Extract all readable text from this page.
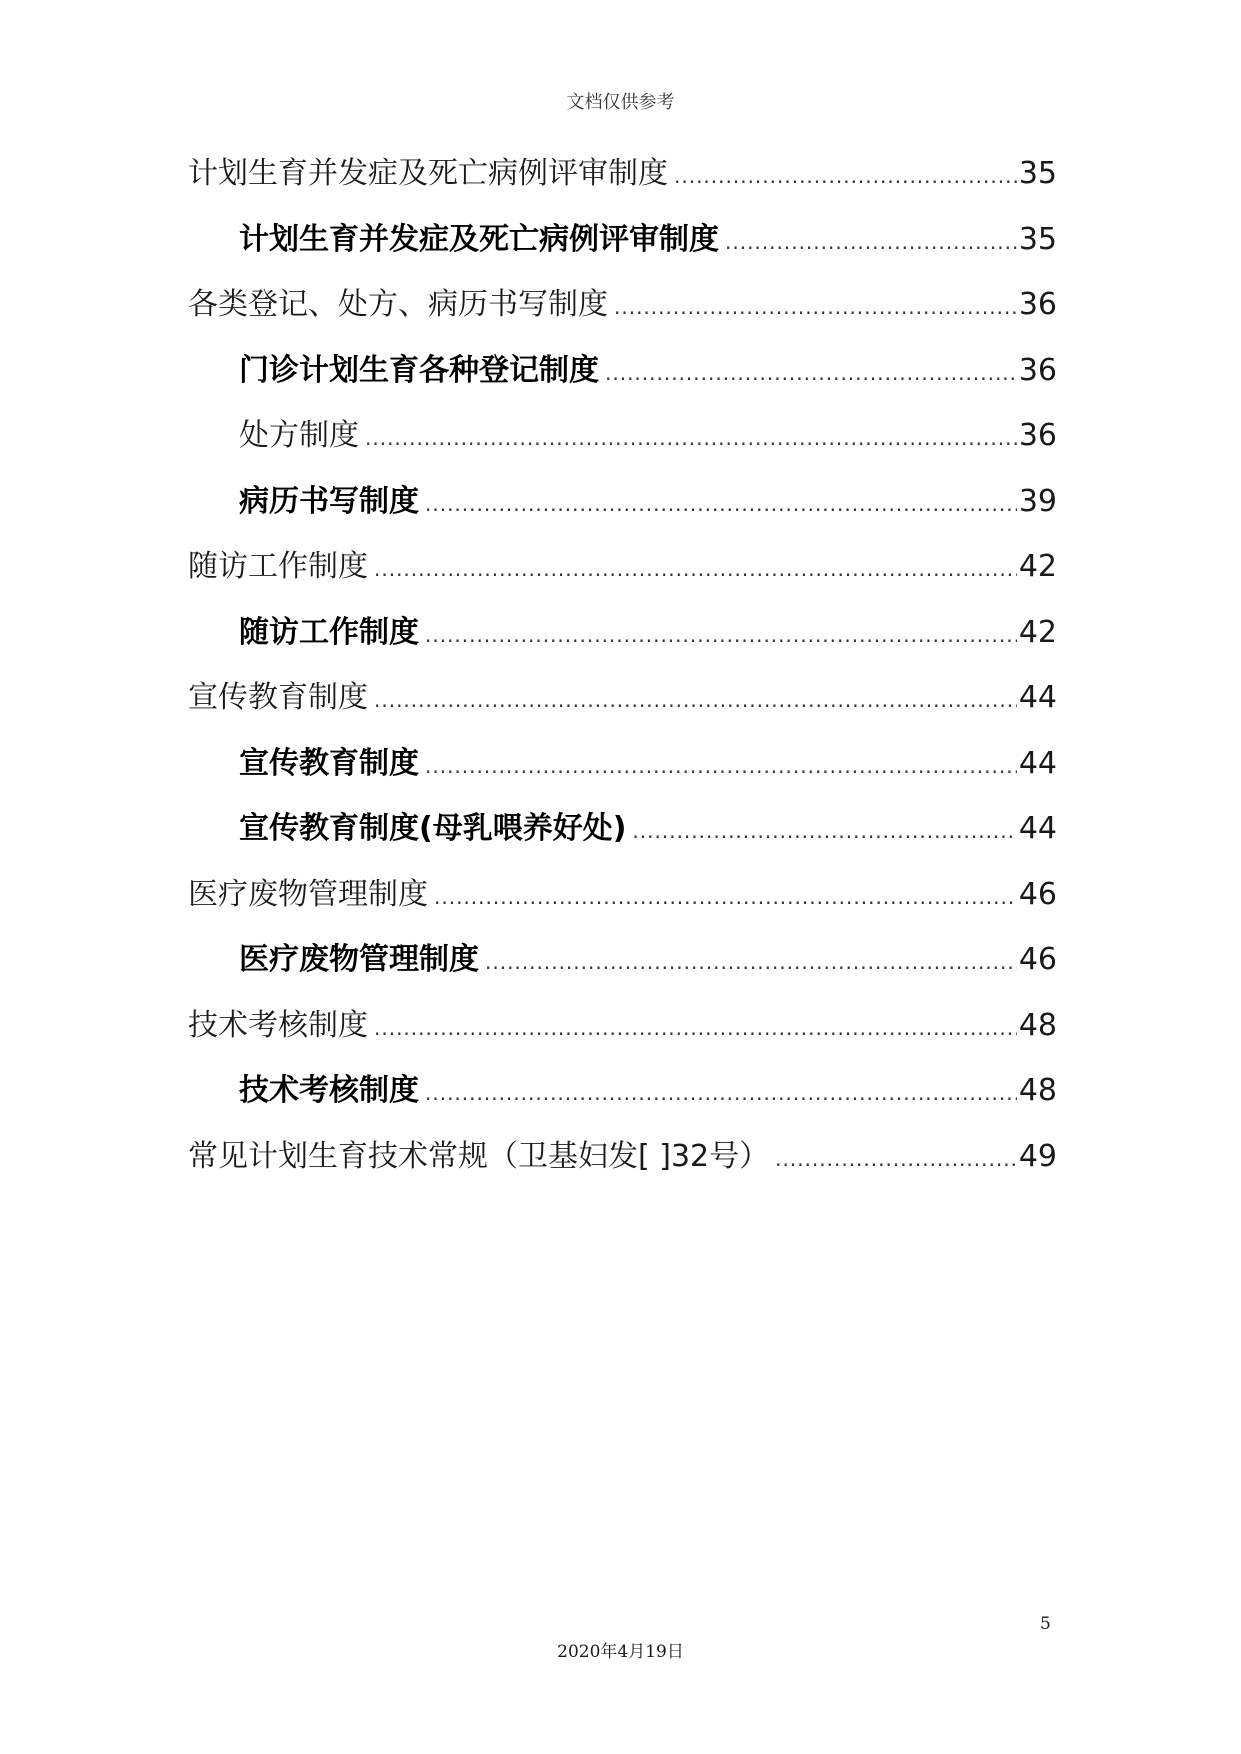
文档仅供参考
计划生育并发症及死亡病例评审制度 .....	35
计划生育并发症及死亡病例评审制度 .....	35
各类登记、处方、病历书写制度 .....	36
门诊计划生育各种登记制度 .....	36
处方制度 .....	36
病历书写制度 .....	39
随访工作制度 .....	42
随访工作制度 .....	42
宣传教育制度 .....	44
宣传教育制度 .....	44
宣传教育制度(母乳喂养好处) .....	44
医疗废物管理制度 .....	46
医疗废物管理制度 .....	46
技术考核制度 .....	48
技术考核制度 .....	48
常见计划生育技术常规（卫基妇发[ ]32号） .....	49
5
2020年4月19日
